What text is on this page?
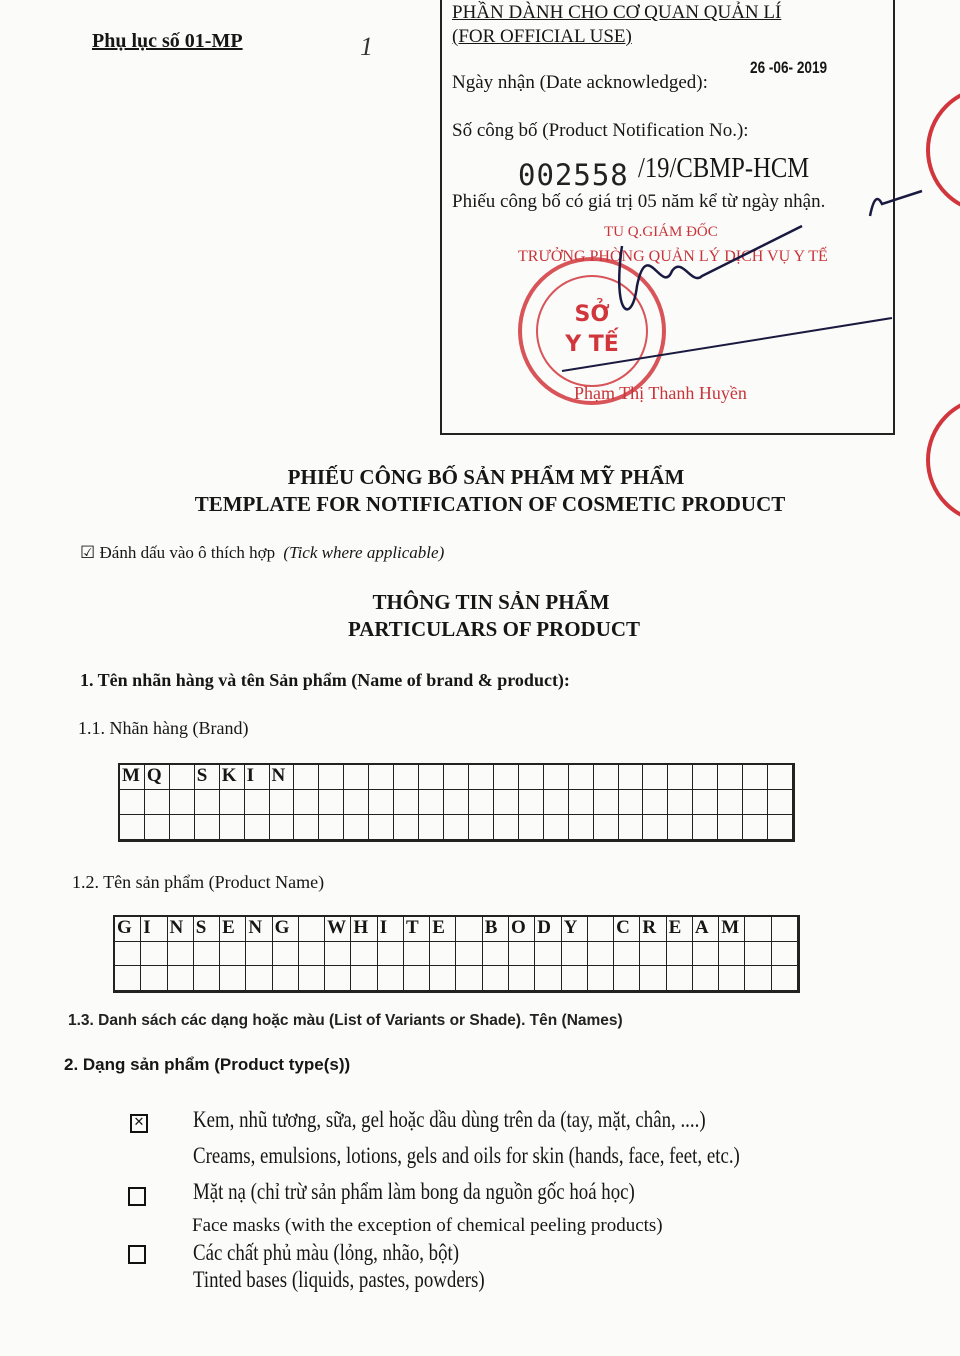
Phụ lục số 01-MP	1
PHẦN DÀNH CHO CƠ QUAN QUẢN LÍ
(FOR OFFICIAL USE)
Ngày nhận (Date acknowledged):
26 -06- 2019
Số công bố (Product Notification No.):
002558 /19/CBMP-HCM
Phiếu công bố có giá trị 05 năm kể từ ngày nhận.
TU Q.GIÁM ĐỐC
TRƯỞNG PHÒNG QUẢN LÝ DỊCH VỤ Y TẾ
SỞ
Y TẾ
Phạm Thị Thanh Huyền
PHIẾU CÔNG BỐ SẢN PHẨM MỸ PHẨM
TEMPLATE FOR NOTIFICATION OF COSMETIC PRODUCT
☑ Đánh dấu vào ô thích hợp (Tick where applicable)
THÔNG TIN SẢN PHẨM
PARTICULARS OF PRODUCT
1. Tên nhãn hàng và tên Sản phẩm (Name of brand & product):
1.1. Nhãn hàng (Brand)
M Q	S K I N
1.2. Tên sản phẩm (Product Name)
G I N S E N G	W H I T E	B O D Y	C R E A M
1.3. Danh sách các dạng hoặc màu (List of Variants or Shade). Tên (Names)
2. Dạng sản phẩm (Product type(s))
✕ Kem, nhũ tương, sữa, gel hoặc dầu dùng trên da (tay, mặt, chân, ....)
Creams, emulsions, lotions, gels and oils for skin (hands, face, feet, etc.)
Mặt nạ (chỉ trừ sản phẩm làm bong da nguồn gốc hoá học)
Face masks (with the exception of chemical peeling products)
Các chất phủ màu (lỏng, nhão, bột)
Tinted bases (liquids, pastes, powders)
